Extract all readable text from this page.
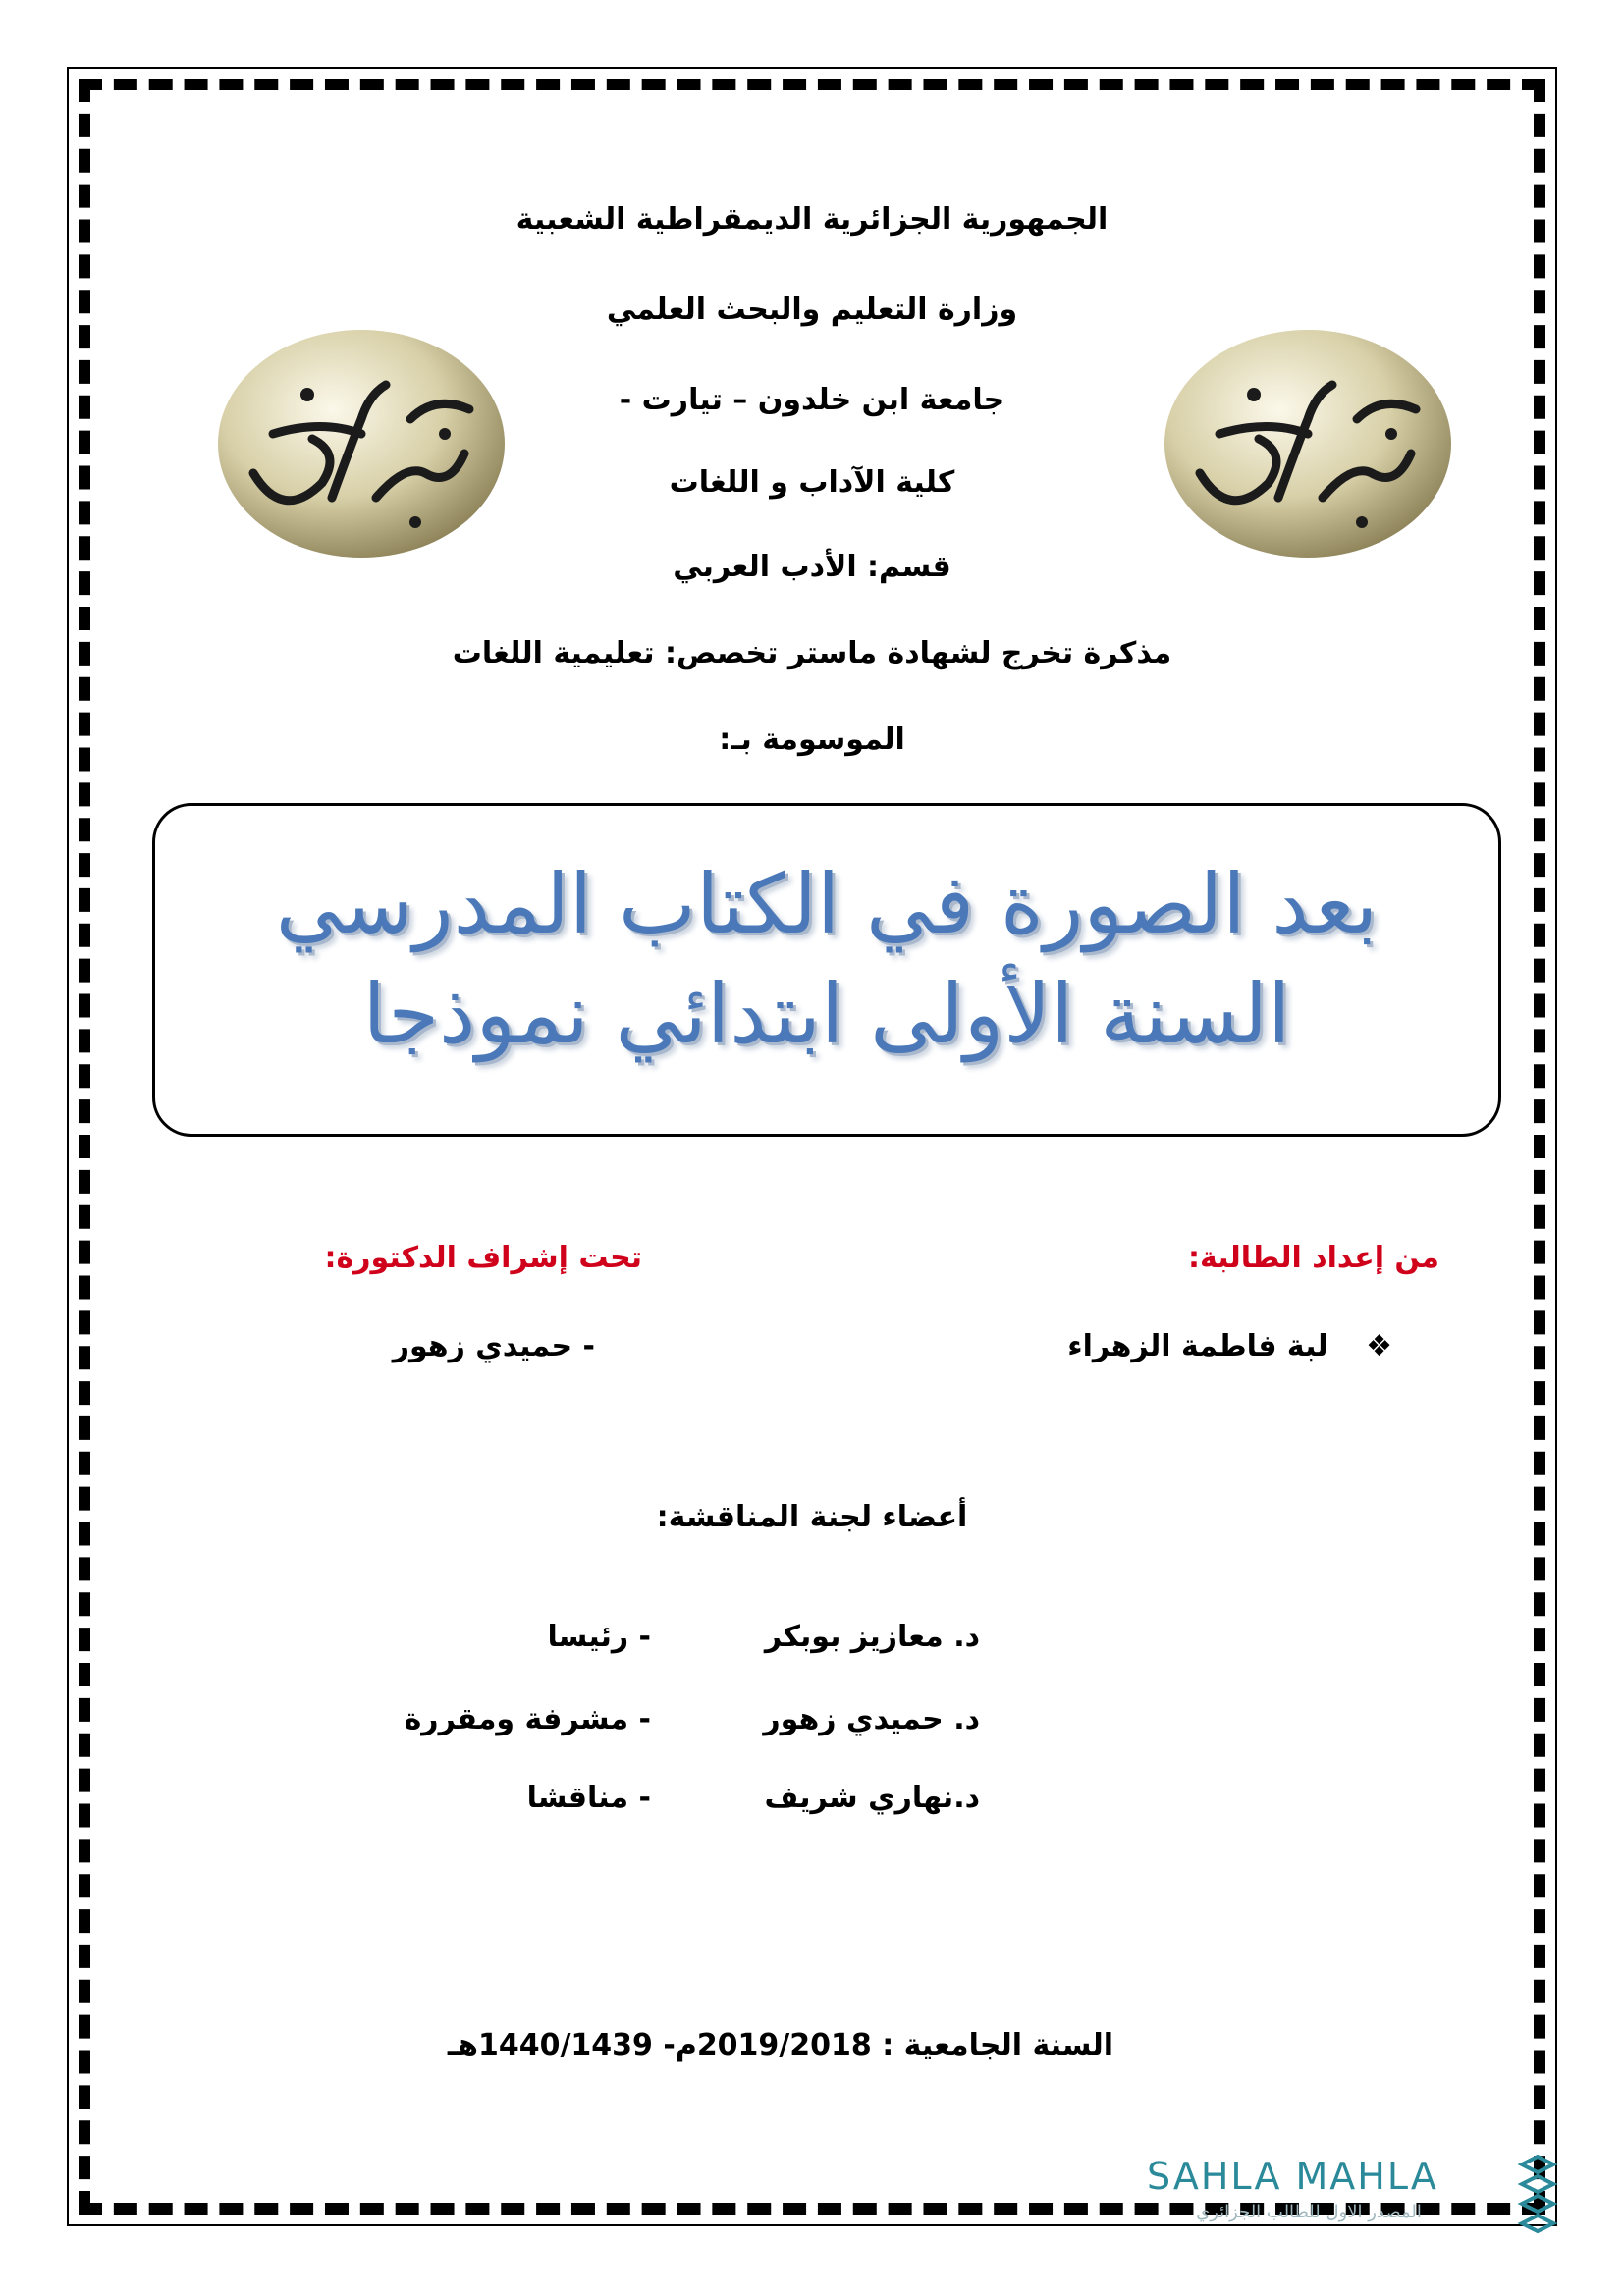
الجمهورية الجزائرية الديمقراطية الشعبية
وزارة التعليم والبحث العلمي
جامعة ابن خلدون – تيارت -
كلية الآداب و اللغات
قسم: الأدب العربي
مذكرة تخرج لشهادة ماستر تخصص: تعليمية اللغات
الموسومة بـ:
بعد الصورة في الكتاب المدرسي
السنة الأولى ابتدائي نموذجا
من إعداد الطالبة:
تحت إشراف الدكتورة:
❖ لبة فاطمة الزهراء
- حميدي زهور
أعضاء لجنة المناقشة:
د. معازيز بوبكر
- رئيسا
د. حميدي زهور
- مشرفة ومقررة
د.نهاري شريف
- مناقشا
السنة الجامعية : 2019/2018م- 1440/1439هـ
SAHLA MAHLA
المصدر الاول للطالب الجزائري
